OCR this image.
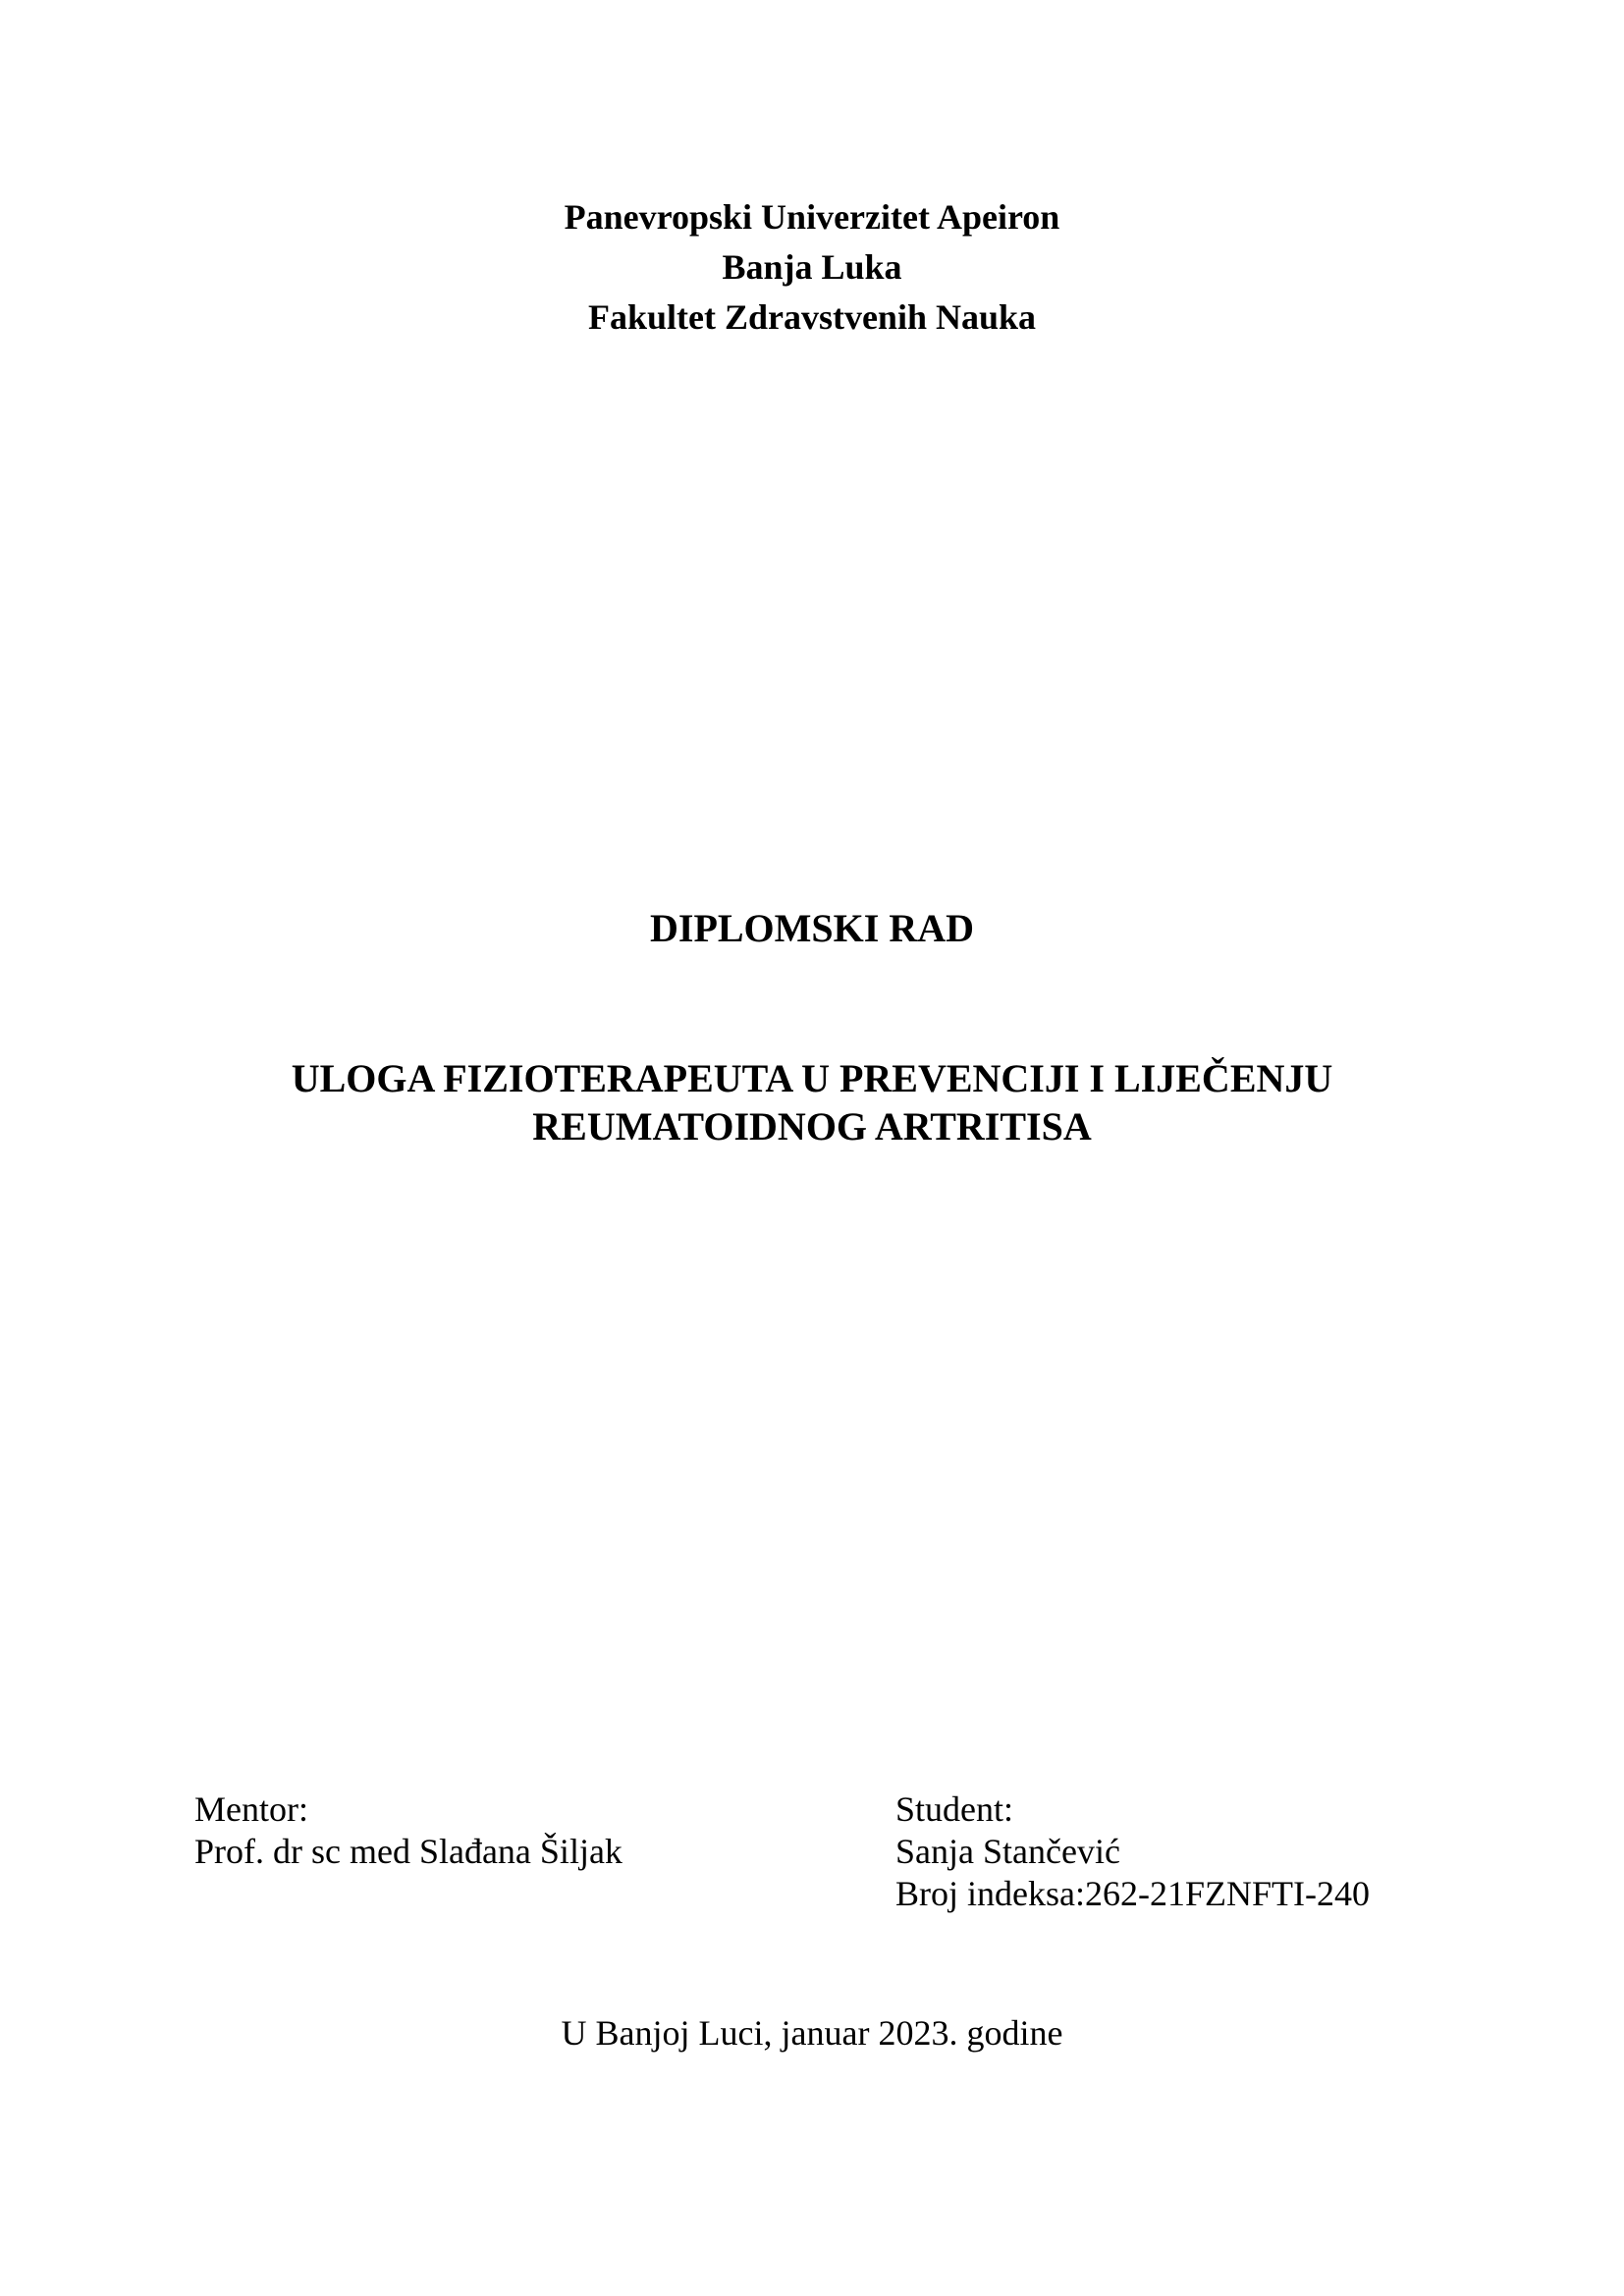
Panevropski Univerzitet Apeiron
Banja Luka
Fakultet Zdravstvenih Nauka
DIPLOMSKI RAD
ULOGA FIZIOTERAPEUTA U PREVENCIJI I LIJEČENJU
REUMATOIDNOG ARTRITISA
Mentor:
Prof. dr sc med Slađana Šiljak
Student:
Sanja Stančević
Broj indeksa:262-21FZNFTI-240
U Banjoj Luci, januar 2023. godine
